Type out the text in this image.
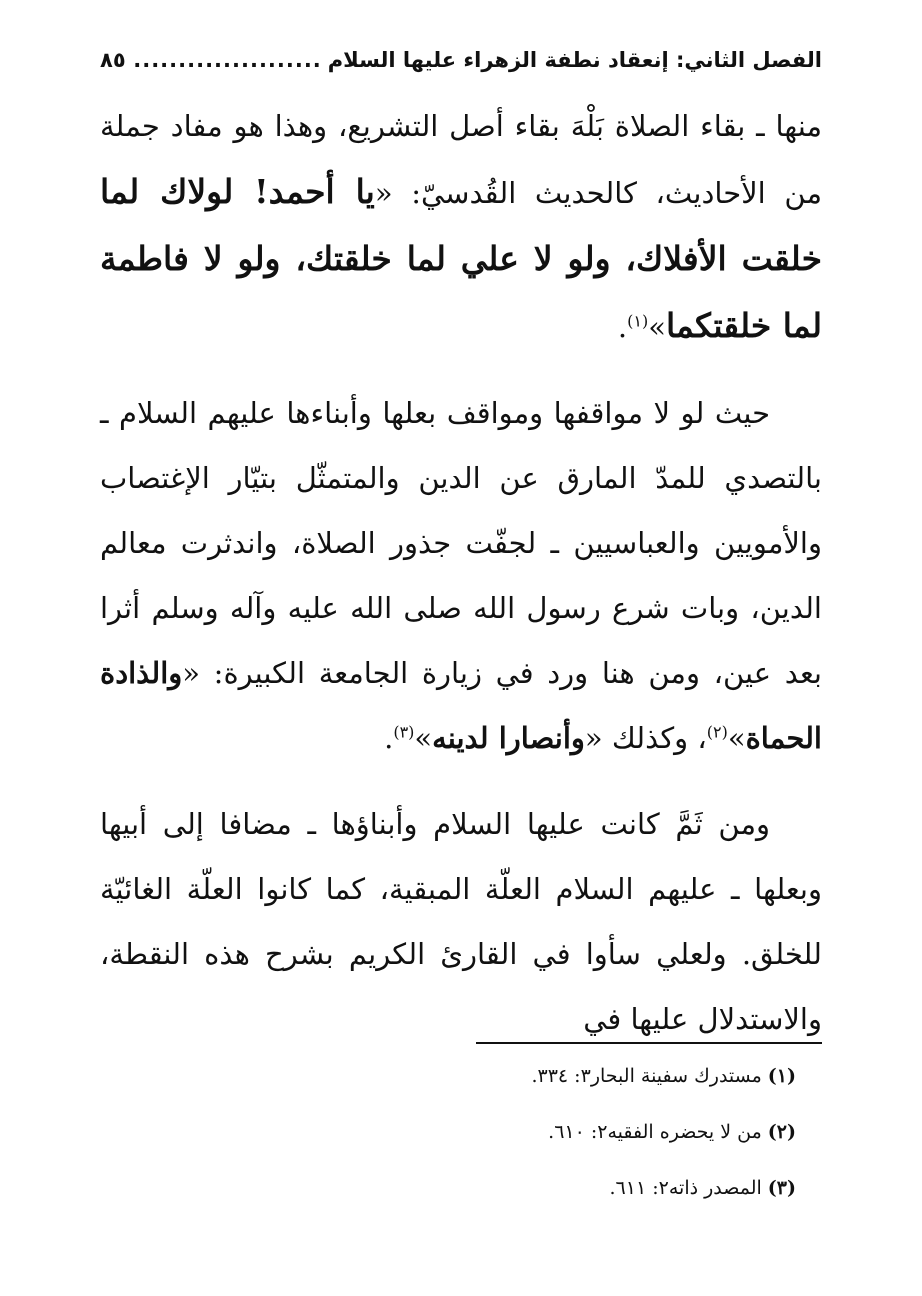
الفصل الثاني: إنعقاد نطفة الزهراء عليها السلام
.....
٨٥

منها ـ بقاء الصلاة بَلْهَ بقاء أصل التشريع، وهذا هو مفاد جملة من الأحاديث، كالحديث القُدسيّ: «يا أحمد! لولاك لما خلقت الأفلاك، ولو لا علي لما خلقتك، ولو لا فاطمة لما خلقتكما»$^{(١)}$.

حيث لو لا مواقفها ومواقف بعلها وأبناءها عليهم السلام ـ بالتصدي للمدّ المارق عن الدين والمتمثّل بتيّار الإغتصاب والأمويين والعباسيين ـ لجفّت جذور الصلاة، واندثرت معالم الدين، وبات شرع رسول الله صلى الله عليه وآله وسلم أثرا بعد عين، ومن هنا ورد في زيارة الجامعة الكبيرة: «والذادة الحماة»$^{(٢)}$، وكذلك «وأنصارا لدينه»$^{(٣)}$.

ومن ثَمَّ كانت عليها السلام وأبناؤها ـ مضافا إلى أبيها وبعلها ـ عليهم السلام العلّة المبقية، كما كانوا العلّة الغائيّة للخلق. ولعلي سأوا في القارئ الكريم بشرح هذه النقطة، والاستدلال عليها في

(١)مستدرك سفينة البحار٣: ٣٣٤.

(٢)من لا يحضره الفقيه٢: ٦١٠.

(٣)المصدر ذاته٢: ٦١١.
